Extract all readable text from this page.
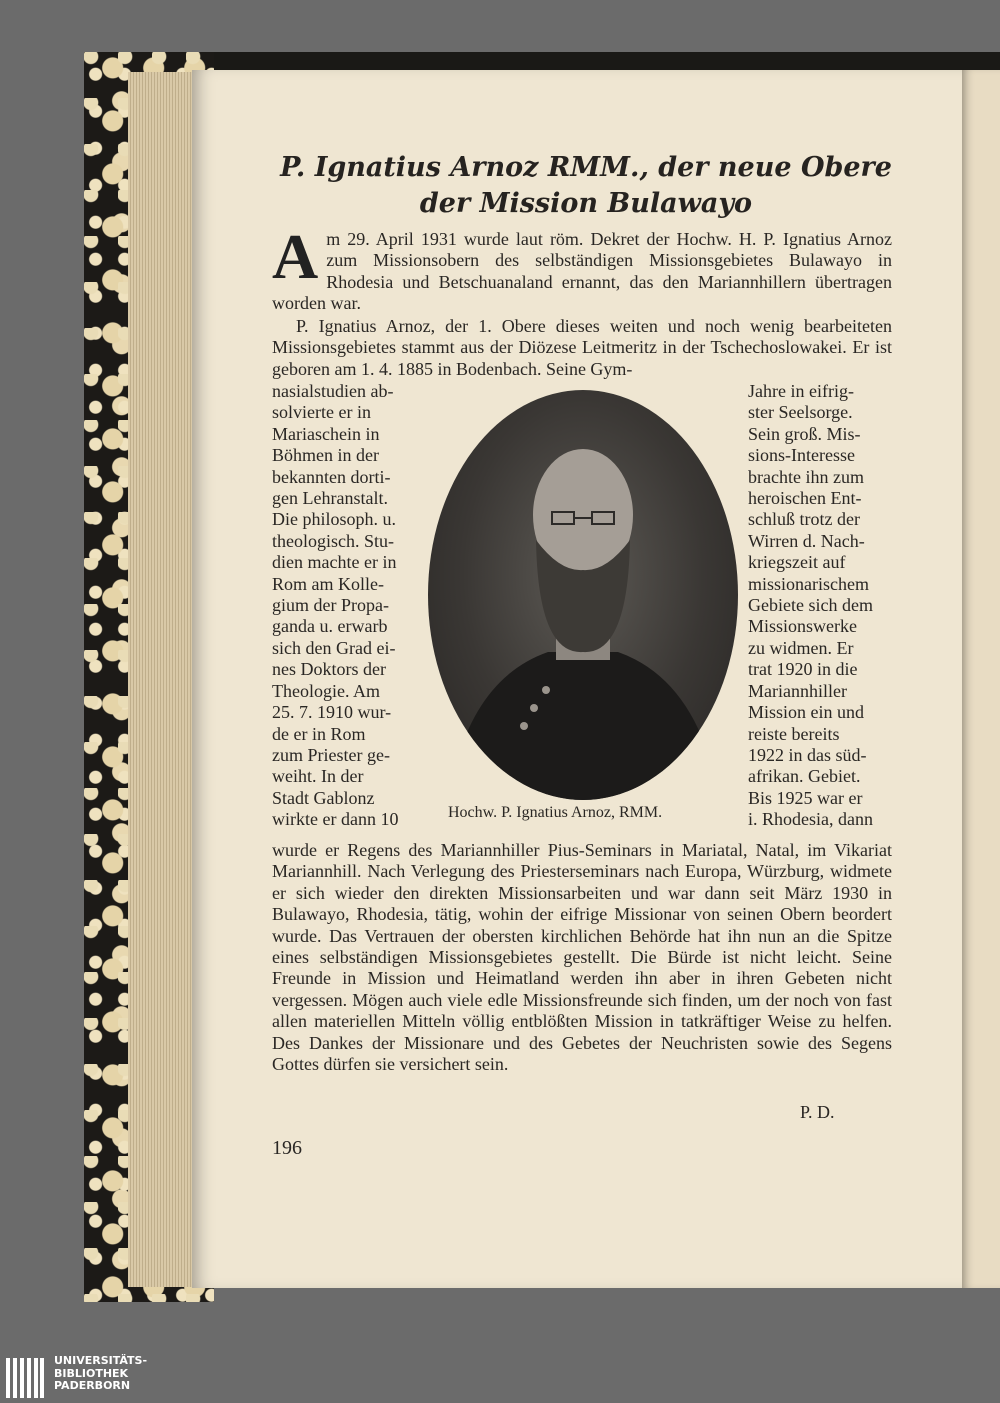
P. Ignatius Arnoz RMM., der neue Obere der Mission Bulawayo

Am 29. April 1931 wurde laut röm. Dekret der Hochw. H. P. Ignatius Arnoz zum Missionsobern des selbständigen Missionsgebietes Bulawayo in Rhodesia und Betschuanaland ernannt, das den Mariannhillern übertragen worden war.

P. Ignatius Arnoz, der 1. Obere dieses weiten und noch wenig bearbeiteten Missionsgebietes stammt aus der Diözese Leitmeritz in der Tschechoslowakei. Er ist geboren am 1. 4. 1885 in Bodenbach. Seine Gym-

nasialstudien ab-
solvierte er in
Mariaschein in
Böhmen in der
bekannten dorti-
gen Lehranstalt.
Die philosoph. u.
theologisch. Stu-
dien machte er in
Rom am Kolle-
gium der Propa-
ganda u. erwarb
sich den Grad ei-
nes Doktors der
Theologie. Am
25. 7. 1910 wur-
de er in Rom
zum Priester ge-
weiht. In der
Stadt Gablonz
wirkte er dann 10
Jahre in eifrig-
ster Seelsorge.
Sein groß. Mis-
sions-Interesse
brachte ihn zum
heroischen Ent-
schluß trotz der
Wirren d. Nach-
kriegszeit auf
missionarischem
Gebiete sich dem
Missionswerke
zu widmen. Er
trat 1920 in die
Mariannhiller
Mission ein und
reiste bereits
1922 in das süd-
afrikan. Gebiet.
Bis 1925 war er
i. Rhodesia, dann

Hochw. P. Ignatius Arnoz, RMM.

wurde er Regens des Mariannhiller Pius-Seminars in Mariatal, Natal, im Vikariat Mariannhill. Nach Verlegung des Priesterseminars nach Europa, Würzburg, widmete er sich wieder den direkten Missionsarbeiten und war dann seit März 1930 in Bulawayo, Rhodesia, tätig, wohin der eifrige Missionar von seinen Obern beordert wurde. Das Vertrauen der obersten kirchlichen Behörde hat ihn nun an die Spitze eines selbständigen Missionsgebietes gestellt. Die Bürde ist nicht leicht. Seine Freunde in Mission und Heimatland werden ihn aber in ihren Gebeten nicht vergessen. Mögen auch viele edle Missionsfreunde sich finden, um der noch von fast allen materiellen Mitteln völlig entblößten Mission in tatkräftiger Weise zu helfen. Des Dankes der Missionare und des Gebetes der Neuchristen sowie des Segens Gottes dürfen sie versichert sein.

P. D.

196

UNIVERSITÄTS-
BIBLIOTHEK
PADERBORN
